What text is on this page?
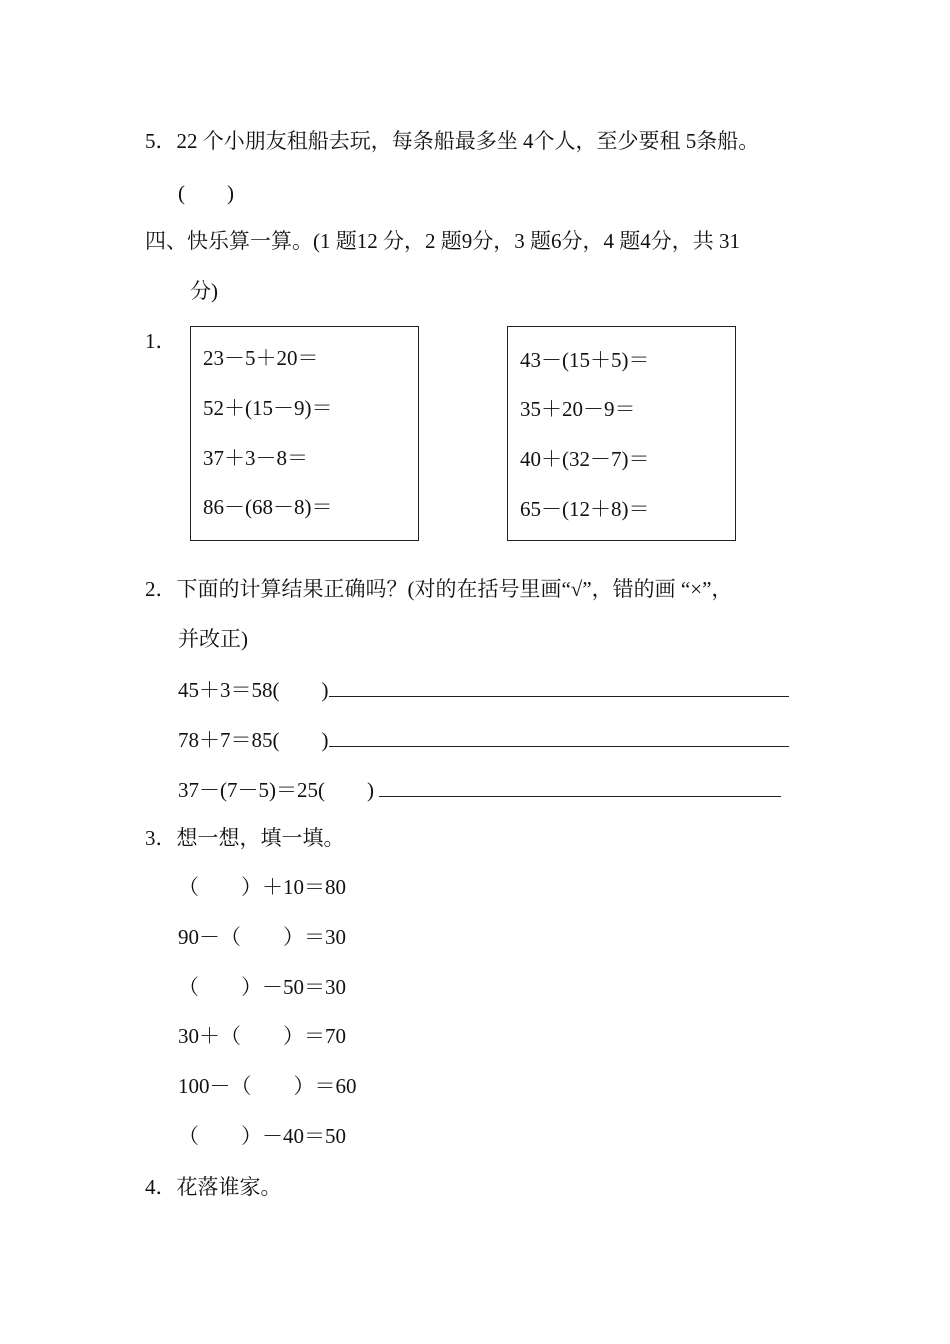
5．22 个小朋友租船去玩，每条船最多坐 4个人，至少要租 5条船。
(        )
四、快乐算一算。(1 题12 分，2 题9分，3 题6分，4 题4分，共 31
分)
1．
23－5＋20＝
52＋(15－9)＝
37＋3－8＝
86－(68－8)＝
43－(15＋5)＝
35＋20－9＝
40＋(32－7)＝
65－(12＋8)＝
2．下面的计算结果正确吗？(对的在括号里画“√”，错的画 “×”，
并改正)
45＋3＝58(        )
78＋7＝85(        )
37－(7－5)＝25(        )
3．想一想，填一填。
（        ）＋10＝80
90－（        ）＝30
（        ）－50＝30
30＋（        ）＝70
100－（        ）＝60
（        ）－40＝50
4．花落谁家。
